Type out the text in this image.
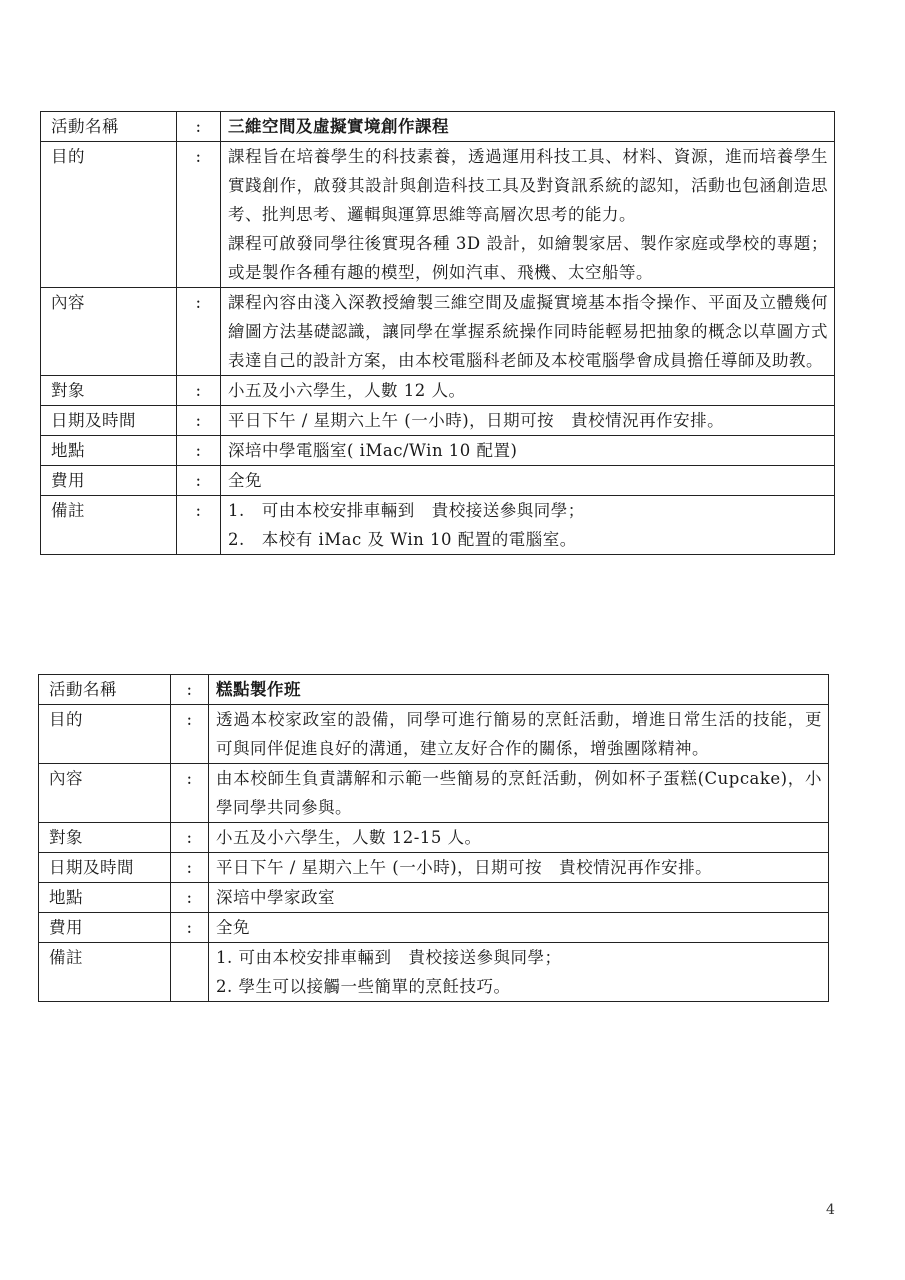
活動名稱	:	三維空間及虛擬實境創作課程

目的	:	課程旨在培養學生的科技素養，透過運用科技工具、材料、資源，進而培養學生實踐創作，啟發其設計與創造科技工具及對資訊系統的認知，活動也包涵創造思考、批判思考、邏輯與運算思維等高層次思考的能力。
課程可啟發同學往後實現各種 3D 設計，如繪製家居、製作家庭或學校的專題；或是製作各種有趣的模型，例如汽車、飛機、太空船等。

內容	:	課程內容由淺入深教授繪製三維空間及虛擬實境基本指令操作、平面及立體幾何繪圖方法基礎認識，讓同學在掌握系統操作同時能輕易把抽象的概念以草圖方式表達自己的設計方案，由本校電腦科老師及本校電腦學會成員擔任導師及助教。

對象	:	小五及小六學生，人數 12 人。

日期及時間	:	平日下午 / 星期六上午 (一小時)，日期可按　貴校情況再作安排。

地點	:	深培中學電腦室( iMac/Win 10 配置)

費用	:	全免

備註	:	1.　可由本校安排車輛到　貴校接送參與同學；
2.　本校有 iMac 及 Win 10 配置的電腦室。
活動名稱	:	糕點製作班

目的	:	透過本校家政室的設備，同學可進行簡易的烹飪活動，增進日常生活的技能，更可與同伴促進良好的溝通，建立友好合作的關係，增強團隊精神。

內容	:	由本校師生負責講解和示範一些簡易的烹飪活動，例如杯子蛋糕(Cupcake)，小學同學共同參與。

對象	:	小五及小六學生，人數 12-15 人。

日期及時間	:	平日下午 / 星期六上午 (一小時)，日期可按　貴校情況再作安排。

地點	:	深培中學家政室

費用	:	全免

備註		1. 可由本校安排車輛到　貴校接送參與同學；
2. 學生可以接觸一些簡單的烹飪技巧。
4
